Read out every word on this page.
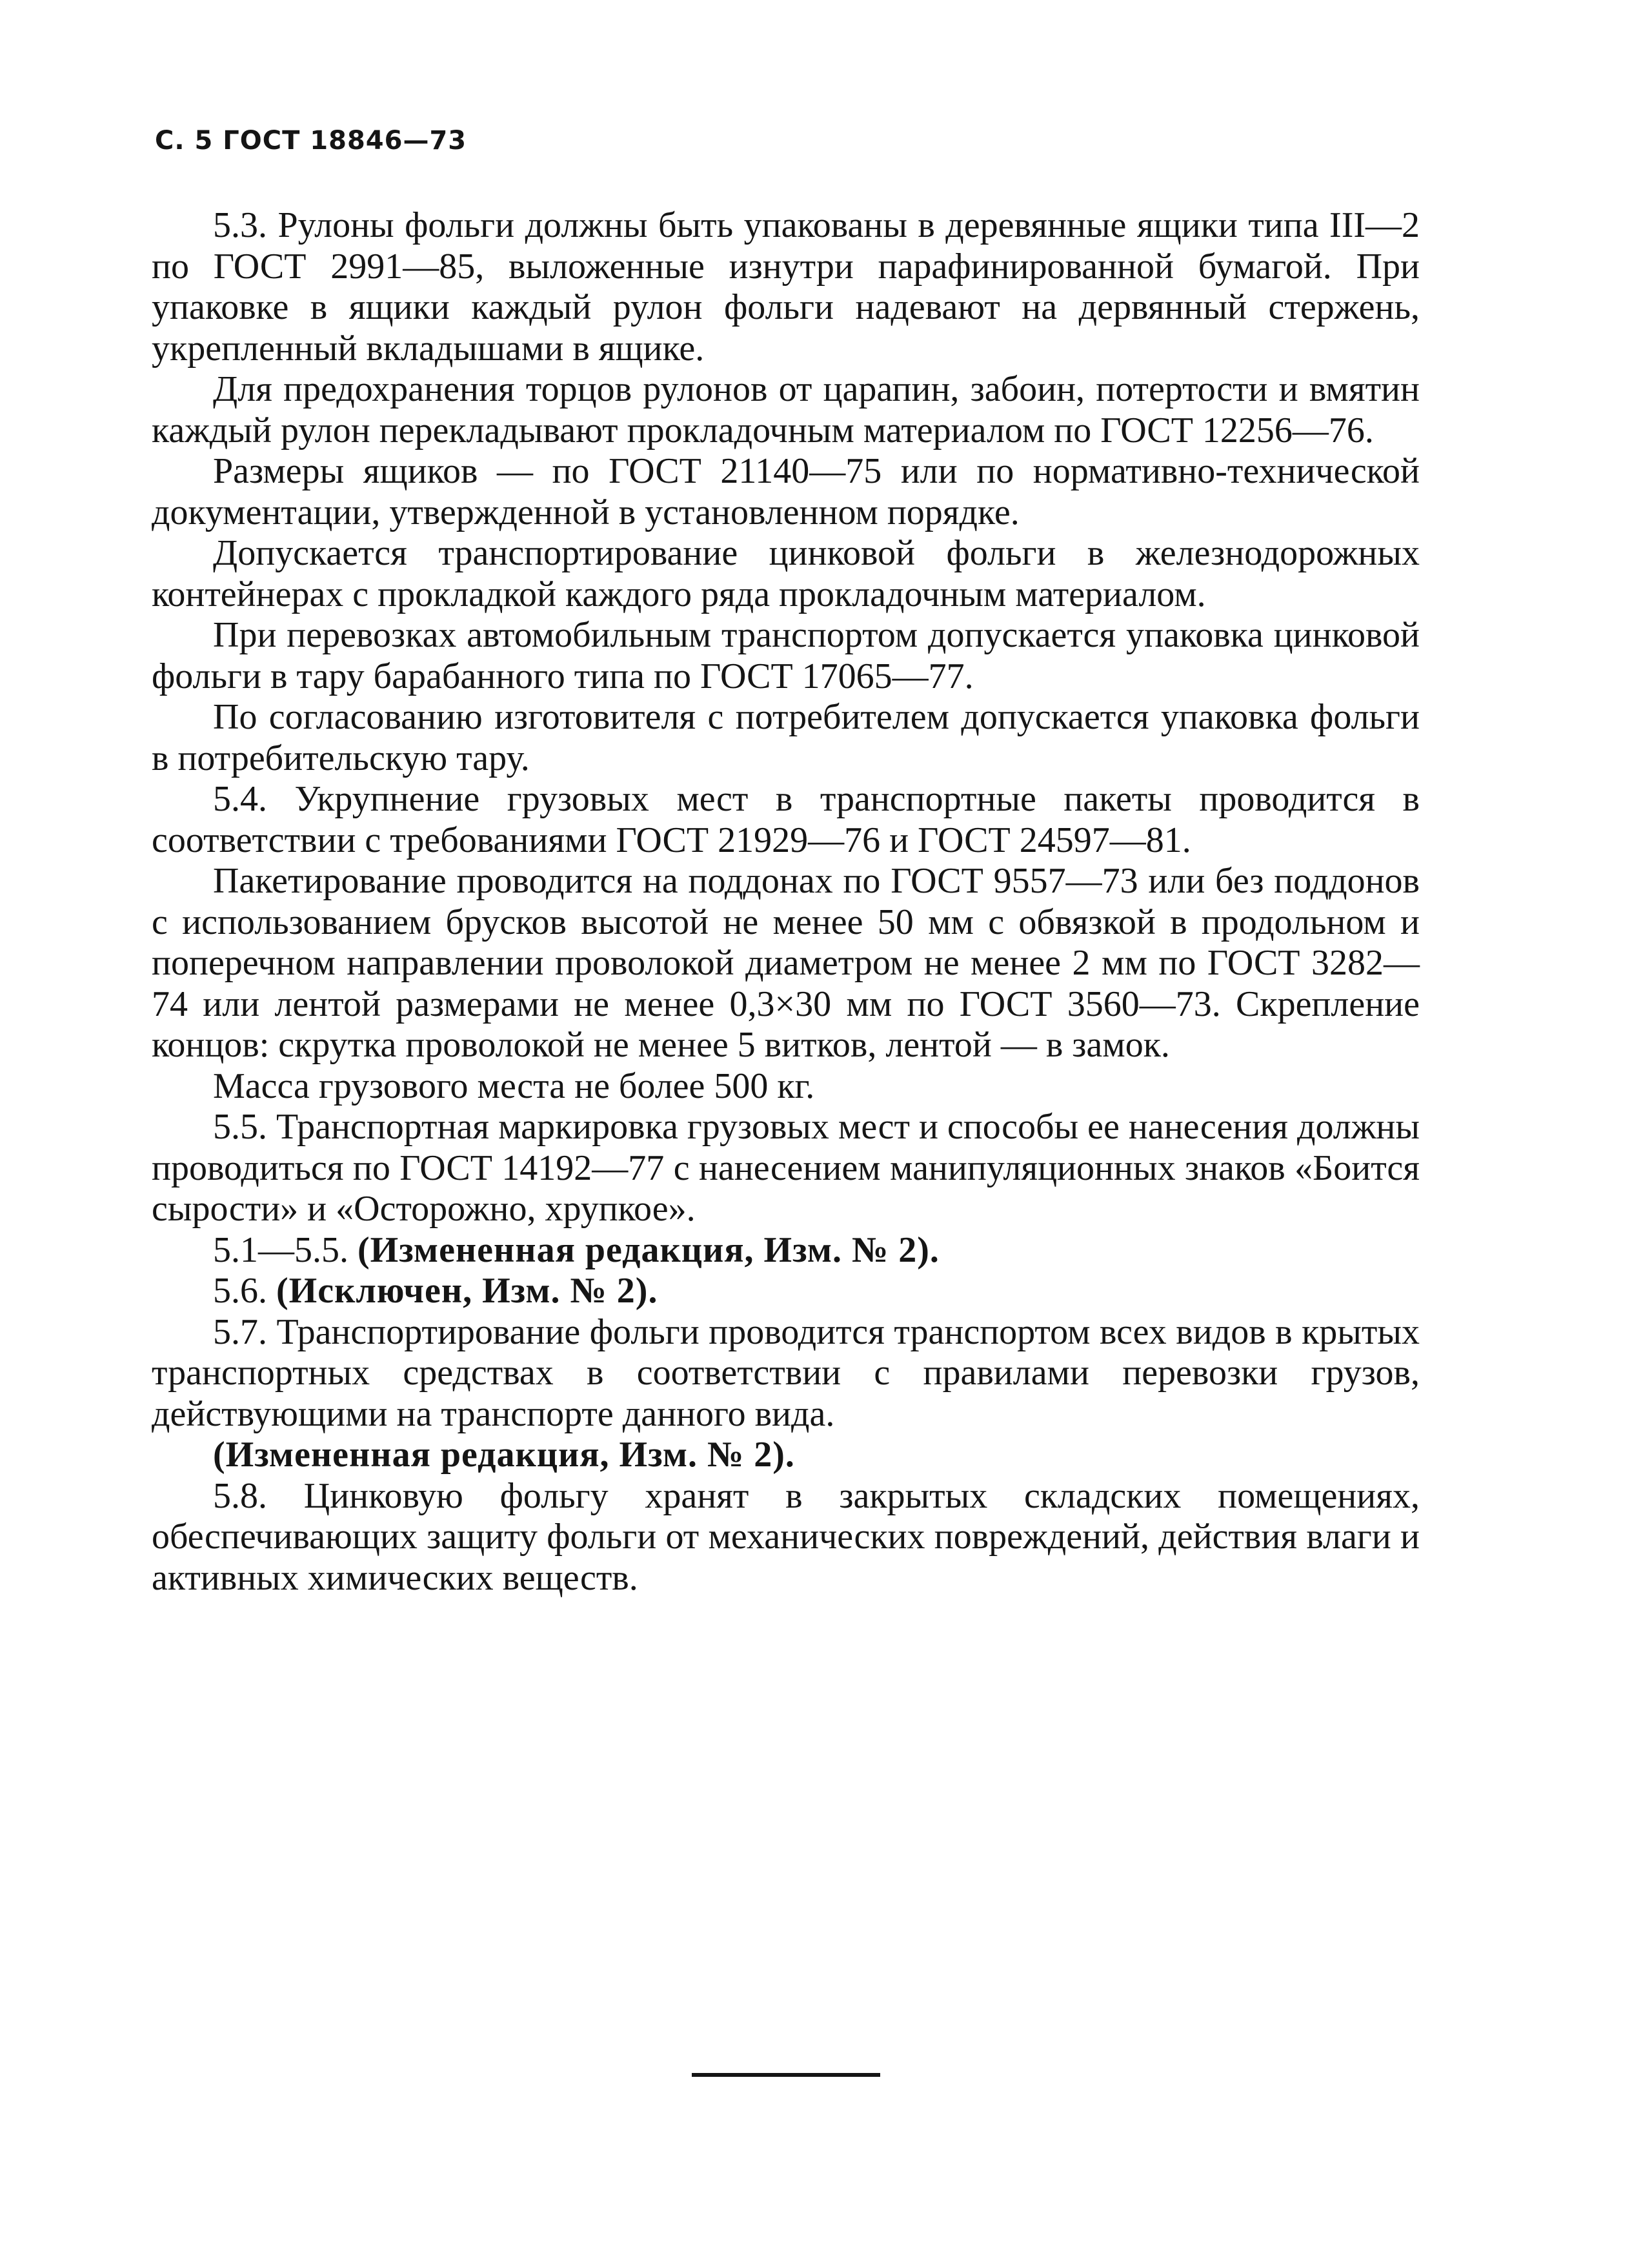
С. 5 ГОСТ 18846—73

5.3. Рулоны фольги должны быть упакованы в деревянные ящики типа III—2 по ГОСТ 2991—85, выложенные изнутри парафинированной бумагой. При упаковке в ящики каждый рулон фольги надевают на дервянный стержень, укрепленный вкладышами в ящике.

Для предохранения торцов рулонов от царапин, забоин, потертости и вмятин каждый рулон перекладывают прокладочным материалом по ГОСТ 12256—76.

Размеры ящиков — по ГОСТ 21140—75 или по нормативно-технической документации, утвержденной в установленном порядке.

Допускается транспортирование цинковой фольги в железнодорожных контейнерах с прокладкой каждого ряда прокладочным материалом.

При перевозках автомобильным транспортом допускается упаковка цинковой фольги в тару барабанного типа по ГОСТ 17065—77.

По согласованию изготовителя с потребителем допускается упаковка фольги в потребительскую тару.

5.4. Укрупнение грузовых мест в транспортные пакеты проводится в соответствии с требованиями ГОСТ 21929—76 и ГОСТ 24597—81.

Пакетирование проводится на поддонах по ГОСТ 9557—73 или без поддонов с использованием брусков высотой не менее 50 мм с обвязкой в продольном и поперечном направлении проволокой диаметром не менее 2 мм по ГОСТ 3282—74 или лентой размерами не менее 0,3×30 мм по ГОСТ 3560—73. Скрепление концов: скрутка проволокой не менее 5 витков, лентой — в замок.

Масса грузового места не более 500 кг.

5.5. Транспортная маркировка грузовых мест и способы ее нанесения должны проводиться по ГОСТ 14192—77 с нанесением манипуляционных знаков «Боится сырости» и «Осторожно, хрупкое».

5.1—5.5. (Измененная редакция, Изм. № 2).

5.6. (Исключен, Изм. № 2).

5.7. Транспортирование фольги проводится транспортом всех видов в крытых транспортных средствах в соответствии с правилами перевозки грузов, действующими на транспорте данного вида.

(Измененная редакция, Изм. № 2).

5.8. Цинковую фольгу хранят в закрытых складских помещениях, обеспечивающих защиту фольги от механических повреждений, действия влаги и активных химических веществ.
